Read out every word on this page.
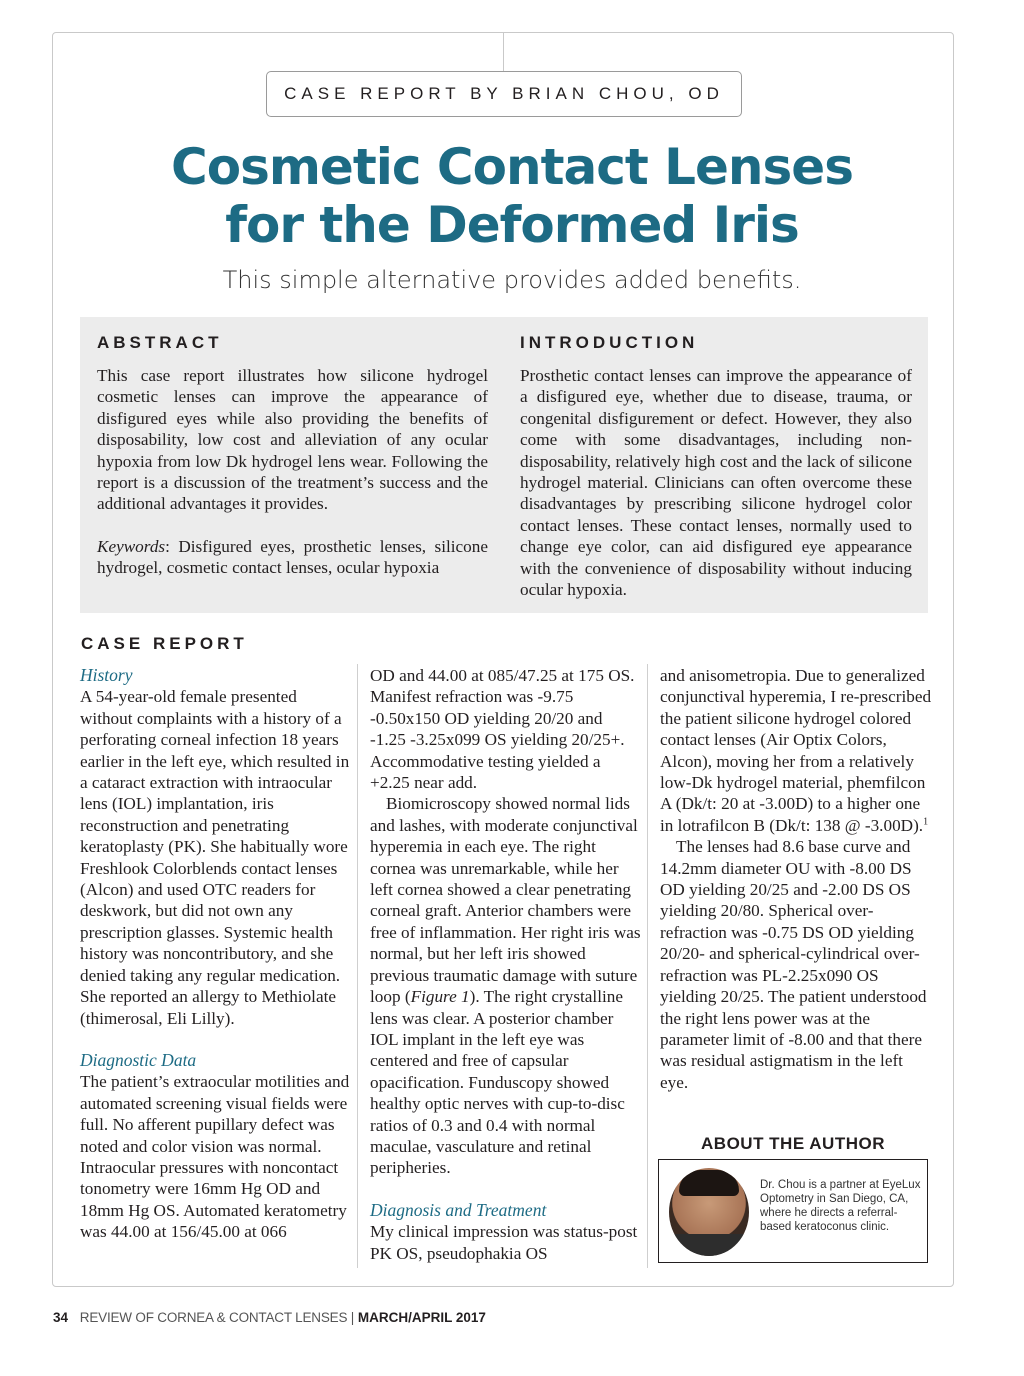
CASE REPORT BY BRIAN CHOU, OD
Cosmetic Contact Lenses
for the Deformed Iris
This simple alternative provides added benefits.
ABSTRACT

This case report illustrates how silicone hydrogel cosmetic lenses can improve the appearance of disfigured eyes while also providing the benefits of disposability, low cost and alleviation of any ocular hypoxia from low Dk hydrogel lens wear. Following the report is a discussion of the treatment’s success and the additional advantages it provides.

Keywords: Disfigured eyes, prosthetic lenses, silicone hydrogel, cosmetic contact lenses, ocular hypoxia

INTRODUCTION

Prosthetic contact lenses can improve the appearance of a disfigured eye, whether due to disease, trauma, or congenital disfigurement or defect. However, they also come with some disadvantages, including non-disposability, relatively high cost and the lack of silicone hydrogel material. Clinicians can often overcome these disadvantages by prescribing silicone hydrogel color contact lenses. These contact lenses, normally used to change eye color, can aid disfigured eye appearance with the convenience of disposability without inducing ocular hypoxia.

CASE REPORT

History

A 54-year-old female presented without complaints with a history of a perforating corneal infection 18 years earlier in the left eye, which resulted in a cataract extraction with intraocular lens (IOL) implantation, iris reconstruction and penetrating keratoplasty (PK). She habitually wore Freshlook Colorblends contact lenses (Alcon) and used OTC readers for deskwork, but did not own any prescription glasses. Systemic health history was noncontributory, and she denied taking any regular medication. She reported an allergy to Methiolate (thimerosal, Eli Lilly).

Diagnostic Data

The patient’s extraocular motilities and automated screening visual fields were full. No afferent pupillary defect was noted and color vision was normal. Intraocular pressures with noncontact tonometry were 16mm Hg OD and 18mm Hg OS. Automated keratometry was 44.00 at 156/45.00 at 066

OD and 44.00 at 085/47.25 at 175 OS. Manifest refraction was -9.75 -0.50x150 OD yielding 20/20 and -1.25 -3.25x099 OS yielding 20/25+. Accommodative testing yielded a +2.25 near add.

Biomicroscopy showed normal lids and lashes, with moderate conjunctival hyperemia in each eye. The right cornea was unremarkable, while her left cornea showed a clear penetrating corneal graft. Anterior chambers were free of inflammation. Her right iris was normal, but her left iris showed previous traumatic damage with suture loop (Figure 1). The right crystalline lens was clear. A posterior chamber IOL implant in the left eye was centered and free of capsular opacification. Funduscopy showed healthy optic nerves with cup-to-disc ratios of 0.3 and 0.4 with normal maculae, vasculature and retinal peripheries.

Diagnosis and Treatment

My clinical impression was status-post PK OS, pseudophakia OS

and anisometropia. Due to generalized conjunctival hyperemia, I re-prescribed the patient silicone hydrogel colored contact lenses (Air Optix Colors, Alcon), moving her from a relatively low-Dk hydrogel material, phemfilcon A (Dk/t: 20 at -3.00D) to a higher one in lotrafilcon B (Dk/t: 138 @ -3.00D).$^1$

The lenses had 8.6 base curve and 14.2mm diameter OU with -8.00 DS OD yielding 20/25 and -2.00 DS OS yielding 20/80. Spherical over-refraction was -0.75 DS OD yielding 20/20- and spherical-cylindrical over-refraction was PL-2.25x090 OS yielding 20/25. The patient understood the right lens power was at the parameter limit of -8.00 and that there was residual astigmatism in the left eye.

ABOUT THE AUTHOR
Dr. Chou is a partner at EyeLux Optometry in San Diego, CA, where he directs a referral-based keratoconus clinic.
34 REVIEW OF CORNEA & CONTACT LENSES | MARCH/APRIL 2017
